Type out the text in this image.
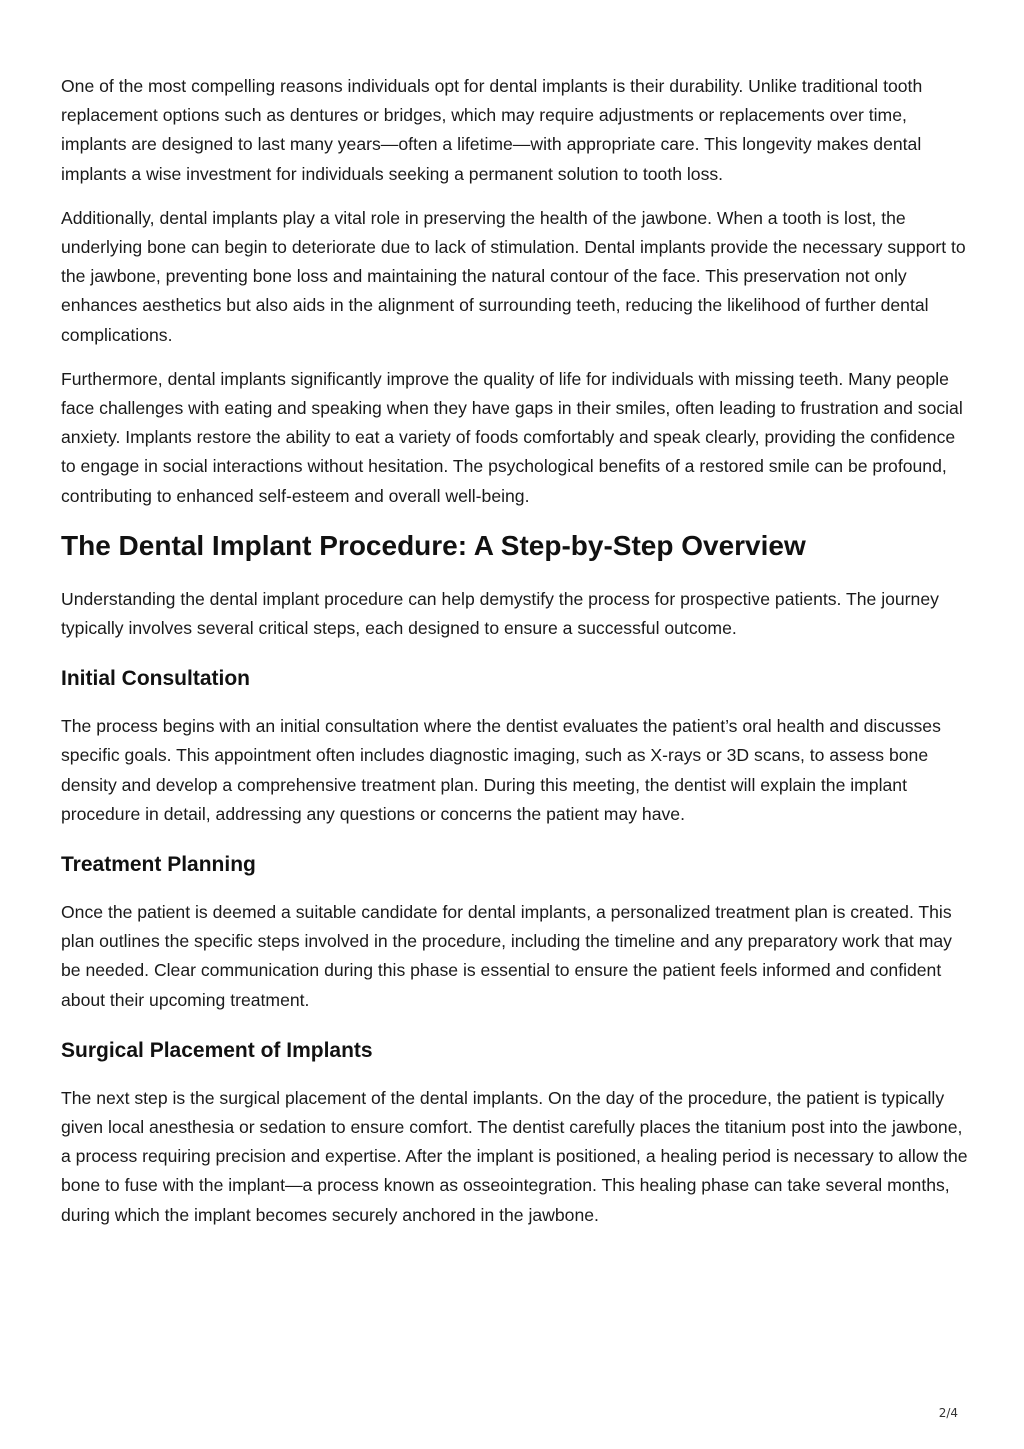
One of the most compelling reasons individuals opt for dental implants is their durability. Unlike traditional tooth replacement options such as dentures or bridges, which may require adjustments or replacements over time, implants are designed to last many years—often a lifetime—with appropriate care. This longevity makes dental implants a wise investment for individuals seeking a permanent solution to tooth loss.

Additionally, dental implants play a vital role in preserving the health of the jawbone. When a tooth is lost, the underlying bone can begin to deteriorate due to lack of stimulation. Dental implants provide the necessary support to the jawbone, preventing bone loss and maintaining the natural contour of the face. This preservation not only enhances aesthetics but also aids in the alignment of surrounding teeth, reducing the likelihood of further dental complications.

Furthermore, dental implants significantly improve the quality of life for individuals with missing teeth. Many people face challenges with eating and speaking when they have gaps in their smiles, often leading to frustration and social anxiety. Implants restore the ability to eat a variety of foods comfortably and speak clearly, providing the confidence to engage in social interactions without hesitation. The psychological benefits of a restored smile can be profound, contributing to enhanced self-esteem and overall well-being.

The Dental Implant Procedure: A Step-by-Step Overview

Understanding the dental implant procedure can help demystify the process for prospective patients. The journey typically involves several critical steps, each designed to ensure a successful outcome.

Initial Consultation

The process begins with an initial consultation where the dentist evaluates the patient’s oral health and discusses specific goals. This appointment often includes diagnostic imaging, such as X-rays or 3D scans, to assess bone density and develop a comprehensive treatment plan. During this meeting, the dentist will explain the implant procedure in detail, addressing any questions or concerns the patient may have.

Treatment Planning

Once the patient is deemed a suitable candidate for dental implants, a personalized treatment plan is created. This plan outlines the specific steps involved in the procedure, including the timeline and any preparatory work that may be needed. Clear communication during this phase is essential to ensure the patient feels informed and confident about their upcoming treatment.

Surgical Placement of Implants

The next step is the surgical placement of the dental implants. On the day of the procedure, the patient is typically given local anesthesia or sedation to ensure comfort. The dentist carefully places the titanium post into the jawbone, a process requiring precision and expertise. After the implant is positioned, a healing period is necessary to allow the bone to fuse with the implant—a process known as osseointegration. This healing phase can take several months, during which the implant becomes securely anchored in the jawbone.

2/4
